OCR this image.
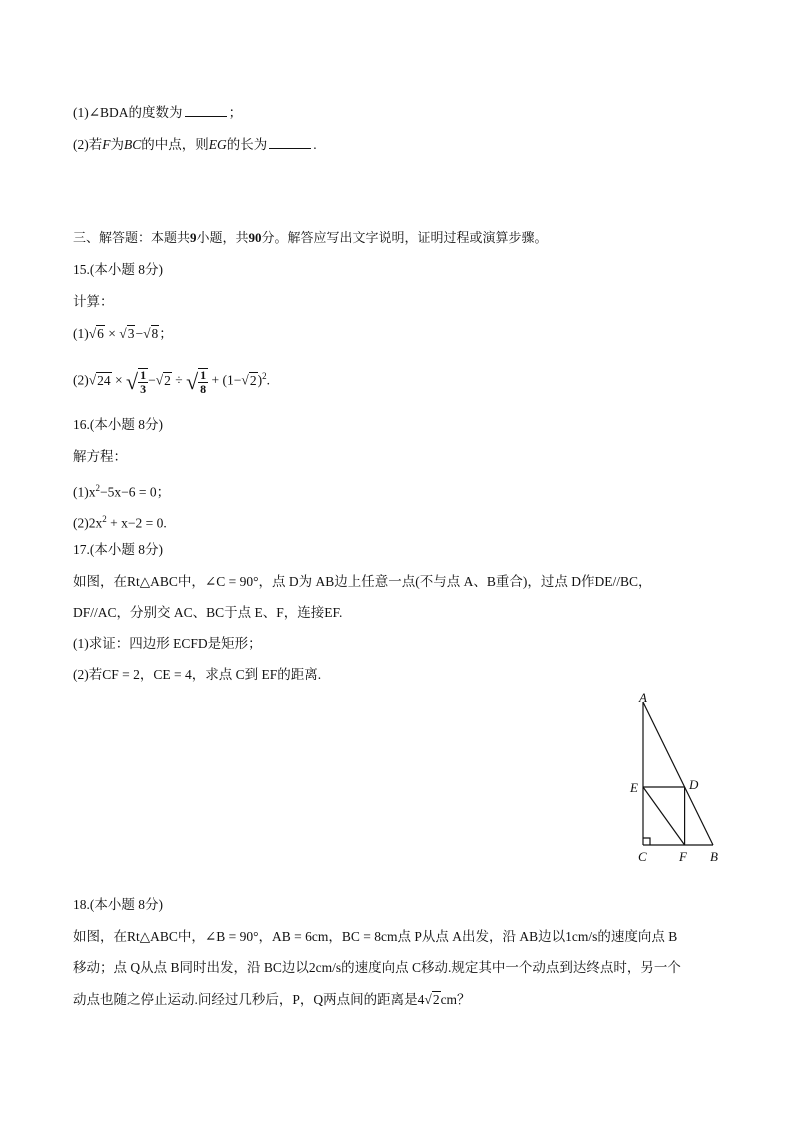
(1)∠BDA的度数为	；
(2)若F为BC的中点，则EG的长为	.
三、解答题：本题共9小题，共90分。解答应写出文字说明，证明过程或演算步骤。
15.(本小题 8分)
计算：
(1)√6 × √3−√8；
(2)√24 × √ $\frac{1}{3} -√2$ ÷ √ $\frac{1}{8} + (1-√2)^2$.
16.(本小题 8分)
解方程：
$(1)x^2-5x-6 = 0$；
$(2)2x^2 + x-2 = 0$.
17.(本小题 8分)
如图，在Rt△ABC中，∠C = 90°，点 D为 AB边上任意一点(不与点 A、B重合)，过点 D作DE//BC，
DF//AC，分别交 AC、BC于点 E、F，连接EF.
(1)求证：四边形 ECFD是矩形；
(2)若CF = 2，CE = 4，求点 C到 EF的距离.
A
E	D
C F B
18.(本小题 8分)
如图，在Rt△ABC中，∠B = 90°，AB = 6cm，BC = 8cm点 P从点 A出发，沿 AB边以1cm/s的速度向点 B
移动；点 Q从点 B同时出发，沿 BC边以2cm/s的速度向点 C移动.规定其中一个动点到达终点时，另一个
动点也随之停止运动.问经过几秒后，P，Q两点间的距离是4√2cm？
